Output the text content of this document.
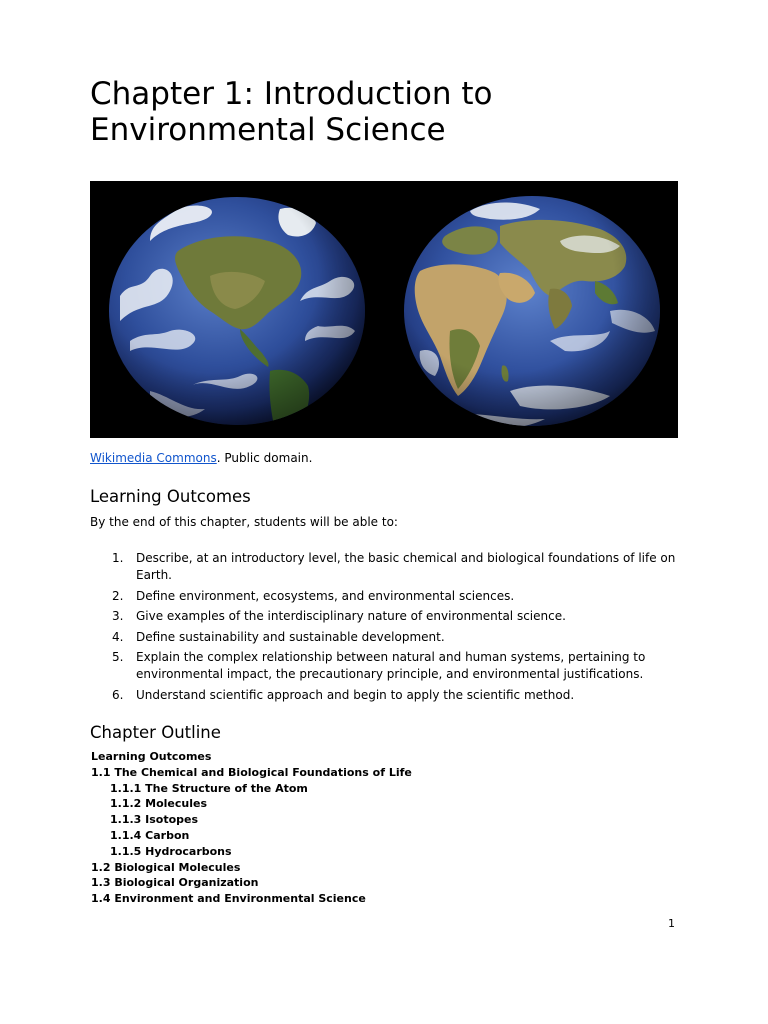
Chapter 1: Introduction to
Environmental Science
Wikimedia Commons. Public domain.
Learning Outcomes
By the end of this chapter, students will be able to:
1. Describe, at an introductory level, the basic chemical and biological foundations of life on Earth.
2. Define environment, ecosystems, and environmental sciences.
3. Give examples of the interdisciplinary nature of environmental science.
4. Define sustainability and sustainable development.
5. Explain the complex relationship between natural and human systems, pertaining to environmental impact, the precautionary principle, and environmental justifications.
6. Understand scientific approach and begin to apply the scientific method.
Chapter Outline
Learning Outcomes
1.1 The Chemical and Biological Foundations of Life
1.1.1 The Structure of the Atom
1.1.2 Molecules
1.1.3 Isotopes
1.1.4 Carbon
1.1.5 Hydrocarbons
1.2 Biological Molecules
1.3 Biological Organization
1.4 Environment and Environmental Science
1
